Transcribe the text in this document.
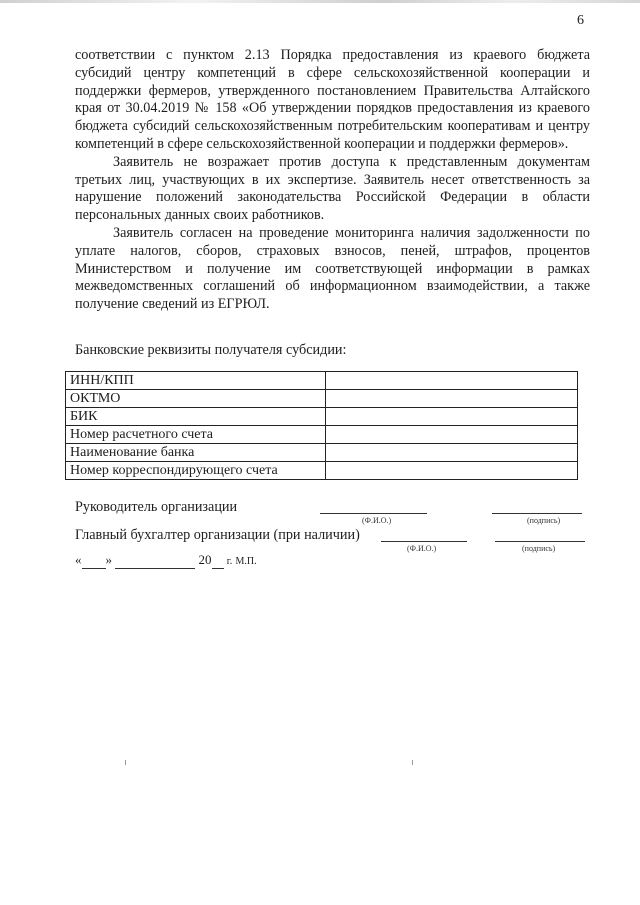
6

соответствии с пунктом 2.13 Порядка предоставления из краевого бюджета субсидий центру компетенций в сфере сельскохозяйственной кооперации и поддержки фермеров, утвержденного постановлением Правительства Алтайского края от 30.04.2019 № 158 «Об утверждении порядков предоставления из краевого бюджета субсидий сельскохозяйственным потребительским кооперативам и центру компетенций в сфере сельскохозяйственной кооперации и поддержки фермеров».

Заявитель не возражает против доступа к представленным документам третьих лиц, участвующих в их экспертизе. Заявитель несет ответственность за нарушение положений законодательства Российской Федерации в области персональных данных своих работников.

Заявитель согласен на проведение мониторинга наличия задолженности по уплате налогов, сборов, страховых взносов, пеней, штрафов, процентов Министерством и получение им соответствующей информации в рамках межведомственных соглашений об информационном взаимодействии, а также получение сведений из ЕГРЮЛ.

Банковские реквизиты получателя субсидии:
ИНН/КПП	
ОКТМО	
БИК	
Номер расчетного счета	
Наименование банка	
Номер корреспондирующего счета	
Руководитель организации
(Ф.И.О.)	(подпись)
Главный бухгалтер организации (при наличии)
(Ф.И.О.)	(подпись)
« »	20 г. М.П.
